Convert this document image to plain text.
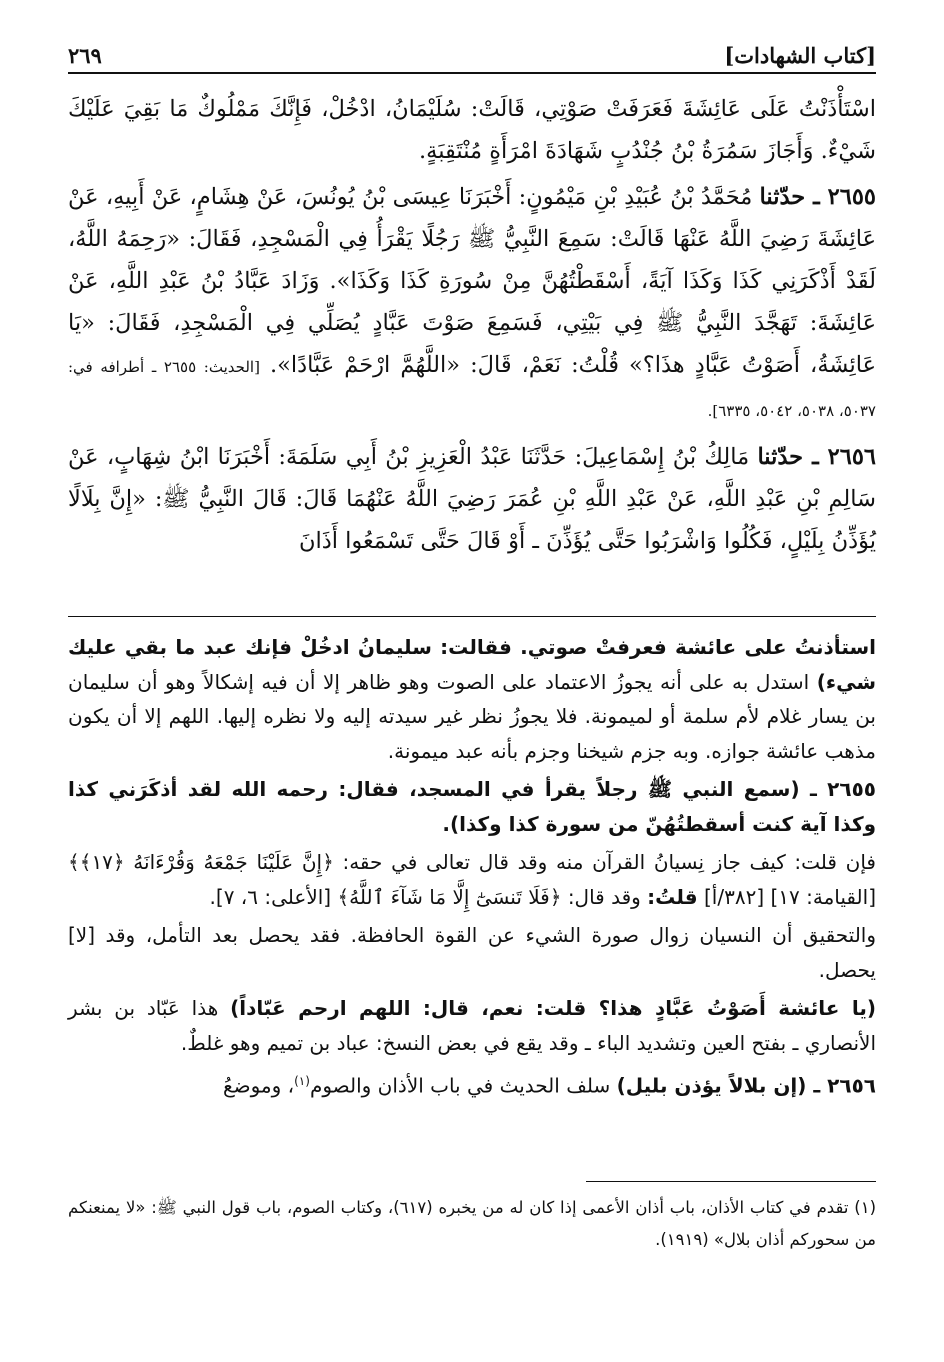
[كتاب الشهادات]
٢٦٩

اسْتَأْذَنْتُ عَلَى عَائِشَةَ فَعَرَفَتْ صَوْتِي، قَالَتْ: سُلَيْمَانُ، ادْخُلْ، فَإِنَّكَ مَمْلُوكٌ مَا بَقِيَ عَلَيْكَ شَيْءٌ. وَأَجَازَ سَمُرَةُ بْنُ جُنْدُبٍ شَهَادَةَ امْرَأَةٍ مُنْتَقِبَةٍ.

٢٦٥٥ ـ حدّثنا مُحَمَّدُ بْنُ عُبَيْدِ بْنِ مَيْمُونٍ: أَخْبَرَنَا عِيسَى بْنُ يُونُسَ، عَنْ هِشَامٍ، عَنْ أَبِيهِ، عَنْ عَائِشَةَ رَضِيَ اللَّهُ عَنْهَا قَالَتْ: سَمِعَ النَّبِيُّ ﷺ رَجُلًا يَقْرَأُ فِي الْمَسْجِدِ، فَقَالَ: «رَحِمَهُ اللَّهُ، لَقَدْ أَذْكَرَنِي كَذَا وَكَذَا آيَةً، أَسْقَطْتُهُنَّ مِنْ سُورَةِ كَذَا وَكَذَا». وَزَادَ عَبَّادُ بْنُ عَبْدِ اللَّهِ، عَنْ عَائِشَةَ: تَهَجَّدَ النَّبِيُّ ﷺ فِي بَيْتِي، فَسَمِعَ صَوْتَ عَبَّادٍ يُصَلِّي فِي الْمَسْجِدِ، فَقَالَ: «يَا عَائِشَةُ، أَصَوْتُ عَبَّادٍ هذَا؟» قُلْتُ: نَعَمْ، قَالَ: «اللَّهُمَّ ارْحَمْ عَبَّادًا». [الحديث: ٢٦٥٥ ـ أطرافه في: ٥٠٣٧، ٥٠٣٨، ٥٠٤٢، ٦٣٣٥].

٢٦٥٦ ـ حدّثنا مَالِكُ بْنُ إِسْمَاعِيلَ: حَدَّثَنَا عَبْدُ الْعَزِيزِ بْنُ أَبِي سَلَمَةَ: أَخْبَرَنَا ابْنُ شِهَابٍ، عَنْ سَالِمِ بْنِ عَبْدِ اللَّهِ، عَنْ عَبْدِ اللَّهِ بْنِ عُمَرَ رَضِيَ اللَّهُ عَنْهُمَا قَالَ: قَالَ النَّبِيُّ ﷺ: «إِنَّ بِلَالًا يُؤَذِّنُ بِلَيْلٍ، فَكُلُوا وَاشْرَبُوا حَتَّى يُؤَذِّنَ ـ أَوْ قَالَ حَتَّى تَسْمَعُوا أَذَانَ

استأذنتُ على عائشة فعرفتْ صوتي. فقالت: سليمانُ ادخُلْ فإنك عبد ما بقي عليك شيء) استدل به على أنه يجوزُ الاعتماد على الصوت وهو ظاهر إلا أن فيه إشكالاً وهو أن سليمان بن يسار غلام لأم سلمة أو لميمونة. فلا يجوزُ نظر غير سيدته إليه ولا نظره إليها. اللهم إلا أن يكون مذهب عائشة جوازه. وبه جزم شيخنا وجزم بأنه عبد ميمونة.

٢٦٥٥ ـ (سمع النبي ﷺ رجلاً يقرأ في المسجد، فقال: رحمه الله لقد أذكَرَني كذا وكذا آية كنت أسقطتُهُنّ من سورة كذا وكذا).

فإن قلت: كيف جاز نِسيانُ القرآن منه وقد قال تعالى في حقه: ﴿إِنَّ عَلَيْنَا جَمْعَهُ وَقُرْءَانَهُ ﴿١٧﴾﴾ [القيامة: ١٧] [٣٨٢/أ] قلتُ: وقد قال: ﴿فَلَا تَنسَىٰٓ إِلَّا مَا شَآءَ ٱللَّهُ﴾ [الأعلى: ٦، ٧].

والتحقيق أن النسيان زوال صورة الشيء عن القوة الحافظة. فقد يحصل بعد التأمل، وقد [لا] يحصل.

(يا عائشة أَصَوْتُ عَبَّادٍ هذا؟ قلت: نعم، قال: اللهم ارحم عَبّاداً) هذا عَبّاد بن بشر الأنصاري ـ بفتح العين وتشديد الباء ـ وقد يقع في بعض النسخ: عباد بن تميم وهو غلطٌ.

٢٦٥٦ ـ (إن بلالاً يؤذن بليل) سلف الحديث في باب الأذان والصوم$^{(١)}$، وموضعُ

(١) تقدم في كتاب الأذان، باب أذان الأعمى إذا كان له من يخبره (٦١٧)، وكتاب الصوم، باب قول النبي ﷺ: «لا يمنعنكم من سحوركم أذان بلال» (١٩١٩).
